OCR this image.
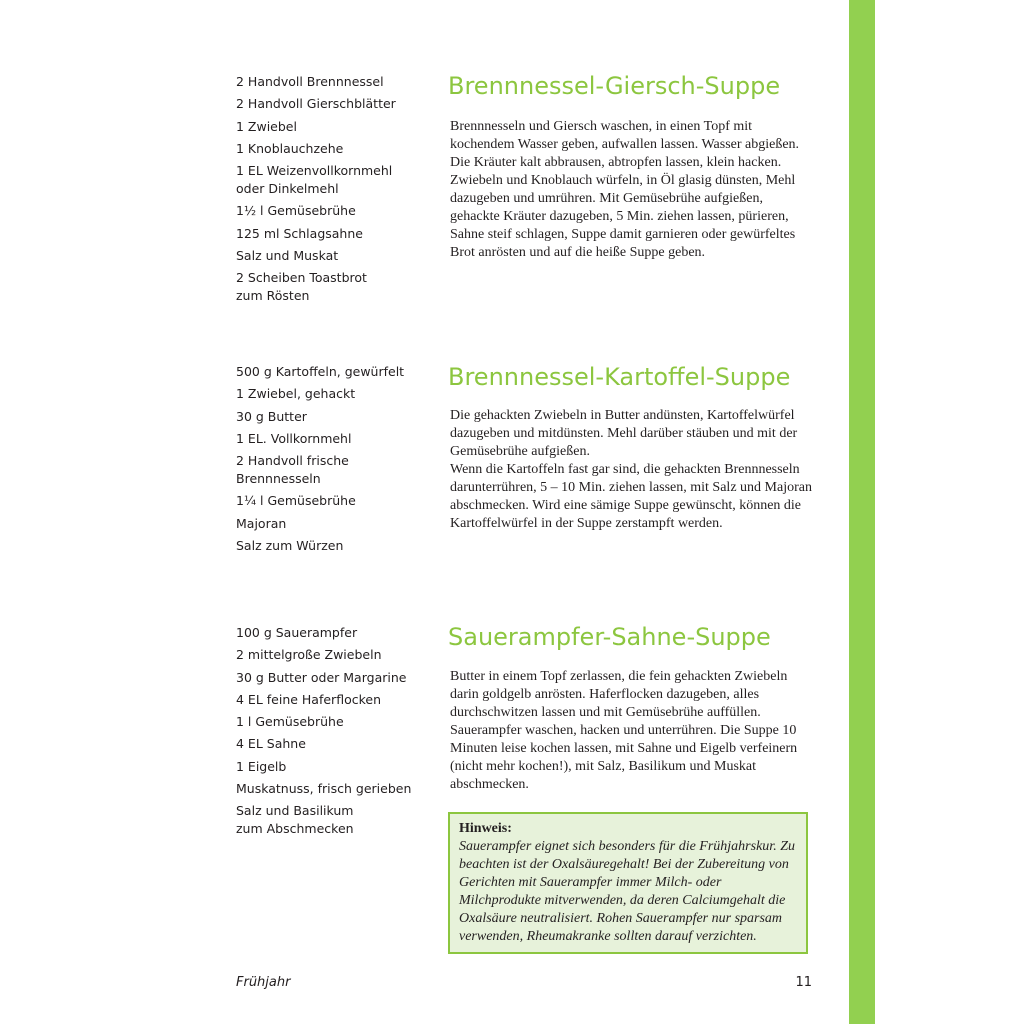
2 Handvoll Brennnessel
2 Handvoll Gierschblätter
1 Zwiebel
1 Knoblauchzehe
1 EL Weizenvollkornmehl
oder Dinkelmehl
1½ l Gemüsebrühe
125 ml Schlagsahne
Salz und Muskat
2 Scheiben Toastbrot
zum Rösten
Brennnessel-Giersch-Suppe

Brennnesseln und Giersch waschen, in einen Topf mit kochendem Wasser geben, aufwallen lassen. Wasser abgießen.

Die Kräuter kalt abbrausen, abtropfen lassen, klein hacken. Zwiebeln und Knoblauch würfeln, in Öl glasig dünsten, Mehl dazugeben und umrühren. Mit Gemüsebrühe aufgießen, gehackte Kräuter dazugeben, 5 Min. ziehen lassen, pürieren, Sahne steif schlagen, Suppe damit garnieren oder gewürfeltes Brot anrösten und auf die heiße Suppe geben.

500 g Kartoffeln, gewürfelt
1 Zwiebel, gehackt
30 g Butter
1 EL. Vollkornmehl
2 Handvoll frische
Brennnesseln
1¼ l Gemüsebrühe
Majoran
Salz zum Würzen
Brennnessel-Kartoffel-Suppe

Die gehackten Zwiebeln in Butter andünsten, Kartoffelwürfel dazugeben und mitdünsten. Mehl darüber stäuben und mit der Gemüsebrühe aufgießen.

Wenn die Kartoffeln fast gar sind, die gehackten Brennnesseln darunterrühren, 5 – 10 Min. ziehen lassen, mit Salz und Majoran abschmecken. Wird eine sämige Suppe gewünscht, können die Kartoffelwürfel in der Suppe zerstampft werden.

100 g Sauerampfer
2 mittelgroße Zwiebeln
30 g Butter oder Margarine
4 EL feine Haferflocken
1 l Gemüsebrühe
4 EL Sahne
1 Eigelb
Muskatnuss, frisch gerieben
Salz und Basilikum
zum Abschmecken
Sauerampfer-Sahne-Suppe

Butter in einem Topf zerlassen, die fein gehackten Zwiebeln darin goldgelb anrösten. Haferflocken dazugeben, alles durchschwitzen lassen und mit Gemüsebrühe auffüllen. Sauerampfer waschen, hacken und unterrühren. Die Suppe 10 Minuten leise kochen lassen, mit Sahne und Eigelb verfeinern (nicht mehr kochen!), mit Salz, Basilikum und Muskat abschmecken.

Hinweis:
Sauerampfer eignet sich besonders für die Frühjahrskur. Zu beachten ist der Oxalsäuregehalt! Bei der Zubereitung von Gerichten mit Sauerampfer immer Milch- oder Milchprodukte mitverwenden, da deren Calciumgehalt die Oxalsäure neutralisiert. Rohen Sauerampfer nur sparsam verwenden, Rheumakranke sollten darauf verzichten.
Frühjahr	11
